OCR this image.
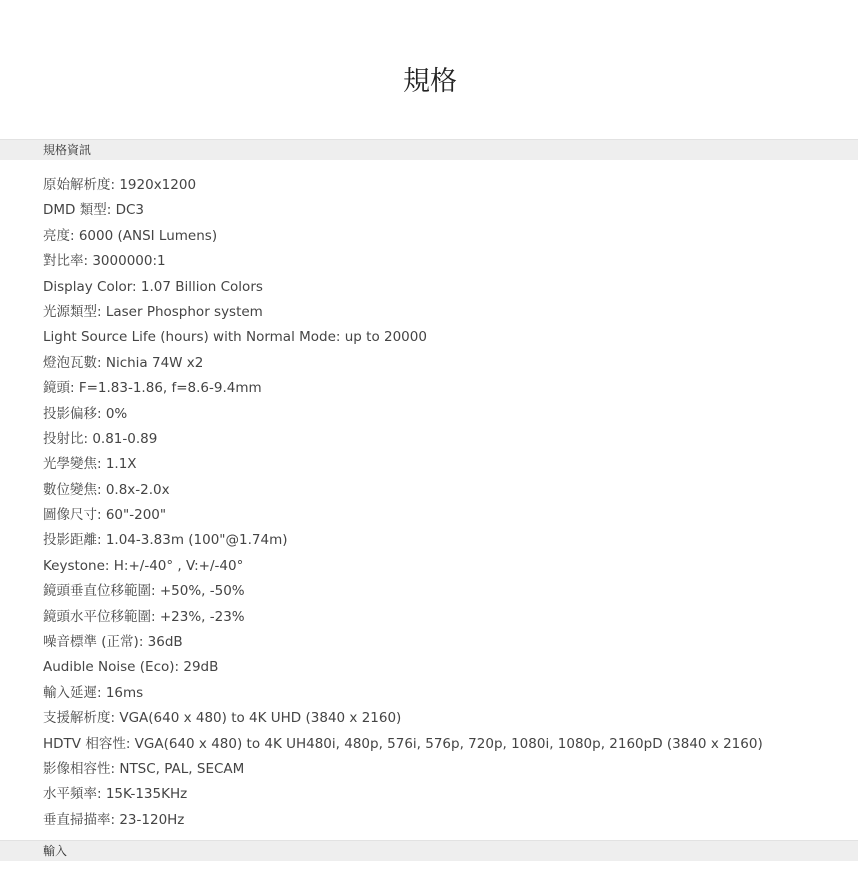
規格
規格資訊
原始解析度: 1920x1200
DMD 類型: DC3
亮度: 6000 (ANSI Lumens)
對比率: 3000000:1
Display Color: 1.07 Billion Colors
光源類型: Laser Phosphor system
Light Source Life (hours) with Normal Mode: up to 20000
燈泡瓦數: Nichia 74W x2
鏡頭: F=1.83-1.86, f=8.6-9.4mm
投影偏移: 0%
投射比: 0.81-0.89
光學變焦: 1.1X
數位變焦: 0.8x-2.0x
圖像尺寸: 60"-200"
投影距離: 1.04-3.83m (100"@1.74m)
Keystone: H:+/-40° , V:+/-40°
鏡頭垂直位移範圍: +50%, -50%
鏡頭水平位移範圍: +23%, -23%
噪音標準 (正常): 36dB
Audible Noise (Eco): 29dB
輸入延遲: 16ms
支援解析度: VGA(640 x 480) to 4K UHD (3840 x 2160)
HDTV 相容性: VGA(640 x 480) to 4K UH480i, 480p, 576i, 576p, 720p, 1080i, 1080p, 2160pD (3840 x 2160)
影像相容性: NTSC, PAL, SECAM
水平頻率: 15K-135KHz
垂直掃描率: 23-120Hz
輸入
